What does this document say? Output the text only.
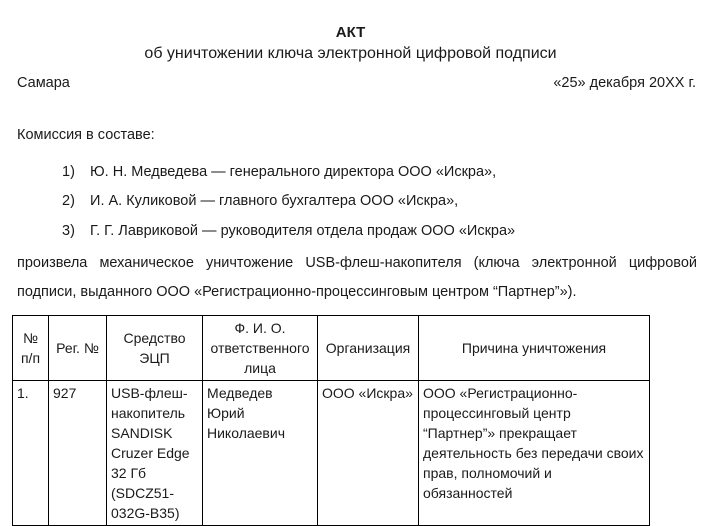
АКТ
об уничтожении ключа электронной цифровой подписи
Самара	«25» декабря 20ХХ г.
Комиссия в составе:
1) Ю. Н. Медведева — генерального директора ООО «Искра»,
2) И. А. Куликовой — главного бухгалтера ООО «Искра»,
3) Г. Г. Лавриковой — руководителя отдела продаж ООО «Искра»
произвела механическое уничтожение USB-флеш-накопителя (ключа электронной цифровой подписи, выданного ООО «Регистрационно-процессинговым центром “Партнер”»).
№ п/п	Рег. №	Средство ЭЦП	Ф. И. О. ответственного лица	Организация	Причина уничтожения
1.	927	USB-флеш-накопитель SANDISK Cruzer Edge 32 Гб (SDCZ51-032G-B35)	Медведев Юрий Николаевич	ООО «Искра»	ООО «Регистрационно-процессинговый центр “Партнер”» прекращает деятельность без передачи своих прав, полномочий и обязанностей
